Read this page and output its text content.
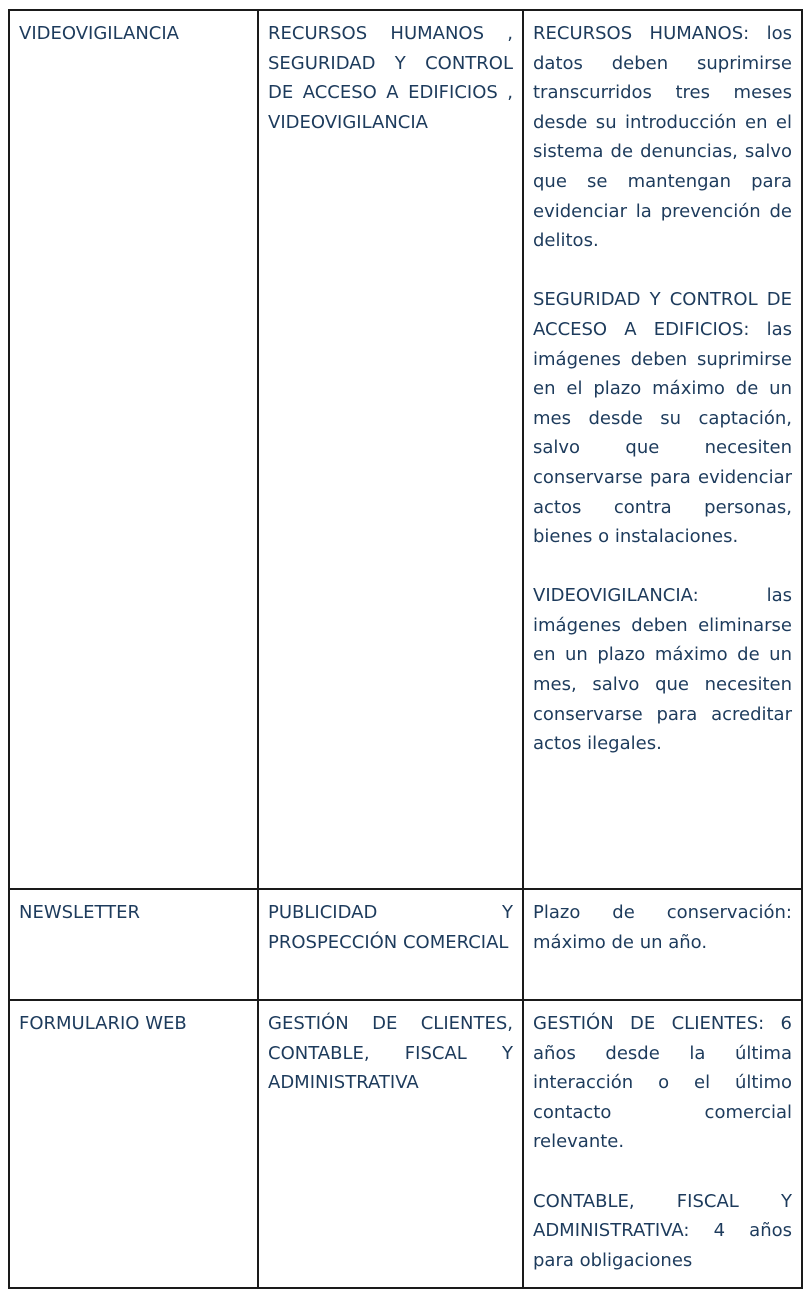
VIDEOVIGILANCIA	RECURSOS HUMANOS , SEGURIDAD Y CONTROL DE ACCESO A EDIFICIOS , VIDEOVIGILANCIA	RECURSOS HUMANOS: los datos deben suprimirse transcurridos tres meses desde su introducción en el sistema de denuncias, salvo que se mantengan para evidenciar la prevención de delitos.

SEGURIDAD Y CONTROL DE ACCESO A EDIFICIOS: las imágenes deben suprimirse en el plazo máximo de un mes desde su captación, salvo que necesiten conservarse para evidenciar actos contra personas, bienes o instalaciones.

VIDEOVIGILANCIA: las imágenes deben eliminarse en un plazo máximo de un mes, salvo que necesiten conservarse para acreditar actos ilegales.

NEWSLETTER	PUBLICIDAD Y PROSPECCIÓN COMERCIAL	Plazo de conservación: máximo de un año.

FORMULARIO WEB	GESTIÓN DE CLIENTES, CONTABLE, FISCAL Y ADMINISTRATIVA	GESTIÓN DE CLIENTES: 6 años desde la última interacción o el último contacto comercial relevante.

CONTABLE, FISCAL Y ADMINISTRATIVA: 4 años para obligaciones
